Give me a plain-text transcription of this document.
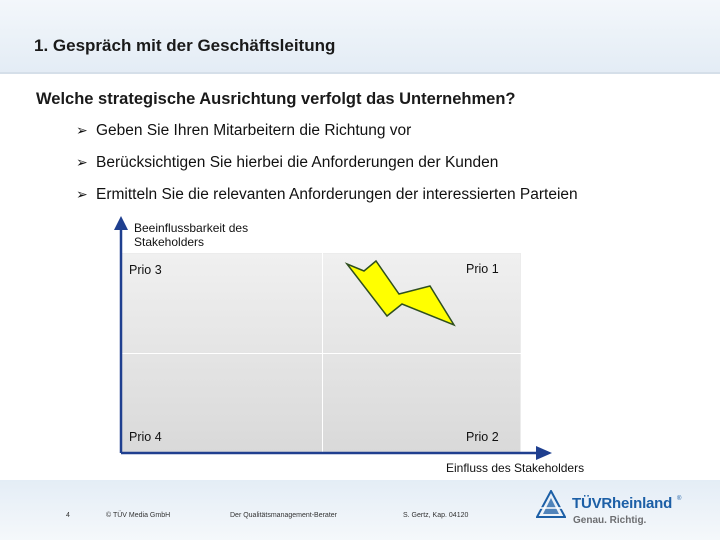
1. Gespräch mit der Geschäftsleitung
Welche strategische Ausrichtung verfolgt das Unternehmen?
➢ Geben Sie Ihren Mitarbeitern die Richtung vor
➢ Berücksichtigen Sie hierbei die Anforderungen der Kunden
➢ Ermitteln Sie die relevanten Anforderungen der interessierten Parteien
Beeinflussbarkeit des
Stakeholders
Prio 3	Prio 1
Prio 4	Prio 2
Einfluss des Stakeholders
4	© TÜV Media GmbH	Der Qualitätsmanagement-Berater	S. Gertz, Kap. 04120
TÜVRheinland ®
Genau. Richtig.
